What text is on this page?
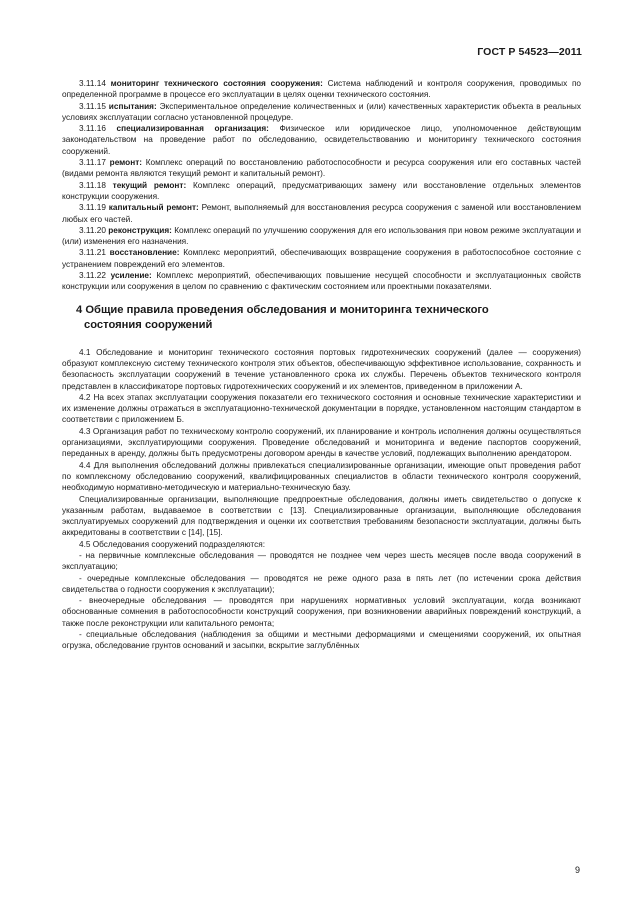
ГОСТ Р 54523—2011

3.11.14 мониторинг технического состояния сооружения: Система наблюдений и контроля сооружения, проводимых по определенной программе в процессе его эксплуатации в целях оценки технического состояния.

3.11.15 испытания: Экспериментальное определение количественных и (или) качественных характеристик объекта в реальных условиях эксплуатации согласно установленной процедуре.

3.11.16 специализированная организация: Физическое или юридическое лицо, уполномоченное действующим законодательством на проведение работ по обследованию, освидетельствованию и мониторингу технического состояния сооружений.

3.11.17 ремонт: Комплекс операций по восстановлению работоспособности и ресурса сооружения или его составных частей (видами ремонта являются текущий ремонт и капитальный ремонт).

3.11.18 текущий ремонт: Комплекс операций, предусматривающих замену или восстановление отдельных элементов конструкции сооружения.

3.11.19 капитальный ремонт: Ремонт, выполняемый для восстановления ресурса сооружения с заменой или восстановлением любых его частей.

3.11.20 реконструкция: Комплекс операций по улучшению сооружения для его использования при новом режиме эксплуатации и (или) изменения его назначения.

3.11.21 восстановление: Комплекс мероприятий, обеспечивающих возвращение сооружения в работоспособное состояние с устранением повреждений его элементов.

3.11.22 усиление: Комплекс мероприятий, обеспечивающих повышение несущей способности и эксплуатационных свойств конструкции или сооружения в целом по сравнению с фактическим состоянием или проектными показателями.

4 Общие правила проведения обследования и мониторинга технического
состояния сооружений

4.1 Обследование и мониторинг технического состояния портовых гидротехнических сооружений (далее — сооружения) образуют комплексную систему технического контроля этих объектов, обеспечивающую эффективное использование, сохранность и безопасность эксплуатации сооружений в течение установленного срока их службы. Перечень объектов технического контроля представлен в классификаторе портовых гидротехнических сооружений и их элементов, приведенном в приложении А.

4.2 На всех этапах эксплуатации сооружения показатели его технического состояния и основные технические характеристики и их изменение должны отражаться в эксплуатационно-технической документации в порядке, установленном настоящим стандартом в соответствии с приложением Б.

4.3 Организация работ по техническому контролю сооружений, их планирование и контроль исполнения должны осуществляться организациями, эксплуатирующими сооружения. Проведение обследований и мониторинга и ведение паспортов сооружений, переданных в аренду, должны быть предусмотрены договором аренды в качестве условий, подлежащих выполнению арендатором.

4.4 Для выполнения обследований должны привлекаться специализированные организации, имеющие опыт проведения работ по комплексному обследованию сооружений, квалифицированных специалистов в области технического контроля сооружений, необходимую нормативно-методическую и материально-техническую базу.

Специализированные организации, выполняющие предпроектные обследования, должны иметь свидетельство о допуске к указанным работам, выдаваемое в соответствии с [13]. Специализированные организации, выполняющие обследования эксплуатируемых сооружений для подтверждения и оценки их соответствия требованиям безопасности эксплуатации, должны быть аккредитованы в соответствии с [14], [15].

4.5 Обследования сооружений подразделяются:

- на первичные комплексные обследования — проводятся не позднее чем через шесть месяцев после ввода сооружений в эксплуатацию;

- очередные комплексные обследования — проводятся не реже одного раза в пять лет (по истечении срока действия свидетельства о годности сооружения к эксплуатации);

- внеочередные обследования — проводятся при нарушениях нормативных условий эксплуатации, когда возникают обоснованные сомнения в работоспособности конструкций сооружения, при возникновении аварийных повреждений конструкций, а также после реконструкции или капитального ремонта;

- специальные обследования (наблюдения за общими и местными деформациями и смещениями сооружений, их опытная огрузка, обследование грунтов оснований и засыпки, вскрытие заглублённых

9
